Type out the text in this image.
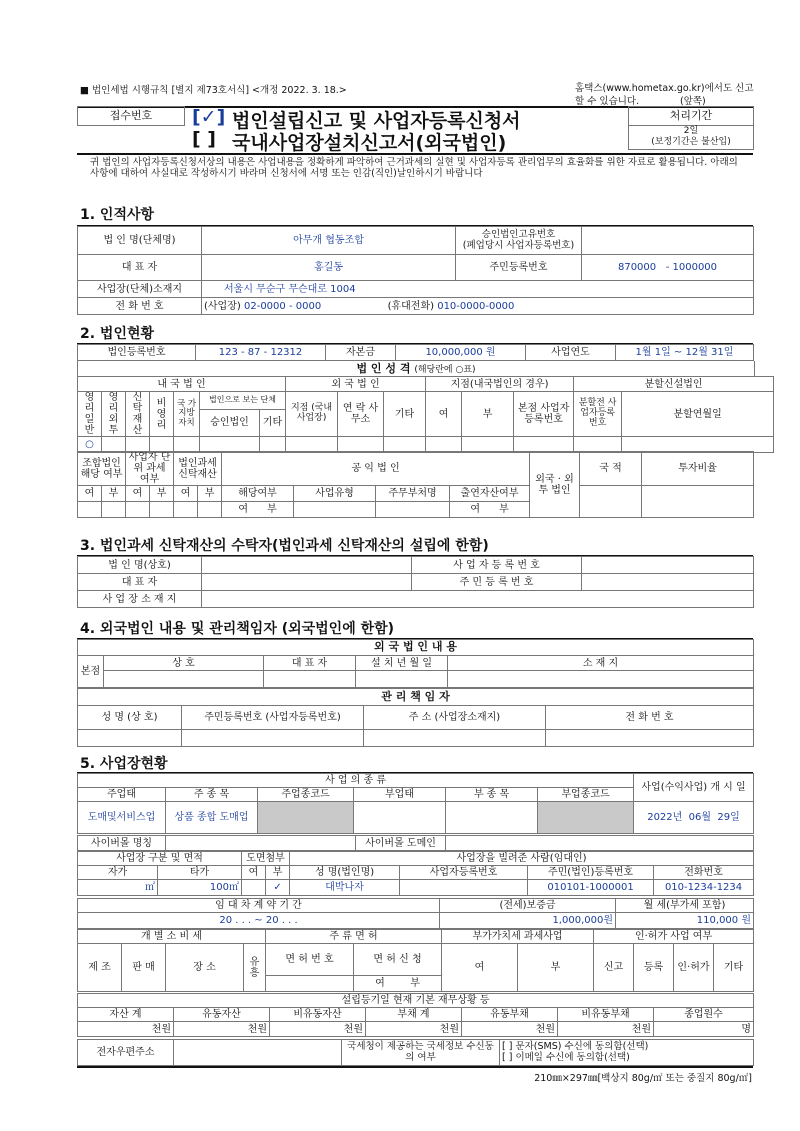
■ 법인세법 시행규칙 [별지 제73호서식] <개정 2022. 3. 18.>	홈택스(www.hometax.go.kr)에서도 신고
할 수 있습니다.	(앞쪽)
접수번호	[✓] 법인설립신고 및 사업자등록신청서
[ ] 국내사업장설치신고서(외국법인)
처리기간
2일
(보정기간은 불산입)
귀 법인의 사업자등록신청서상의 내용은 사업내용을 정확하게 파악하여 근거과세의 실현 및 사업자등록 관리업무의 효율화를 위한 자료로 활용됩니다. 아래의 사항에 대하여 사실대로 작성하시기 바라며 신청서에 서명 또는 인감(직인)날인하시기 바랍니다
1. 인적사항
법 인 명(단체명)	아무개 협동조합	승인법인고유번호
(폐업당시 사업자등록번호)	

대 표 자	홍길동	주민등록번호	870000 - 1000000
사업장(단체)소재지	서울시 무순구 무슨대로 1004		
전 화 번 호	(사업장) 02-0000 - 0000 (휴대전화) 010-0000-0000		
2. 법인현황
법인등록번호	123 - 87 - 12312	자본금	10,000,000 원	사업연도	1월 1일 ~ 12월 31일
법 인 성 격 (해당란에 ○표)
내 국 법 인							외 국 법 인			지점(내국법인의 경우)			분할신설법인	
영리 일반	영리 외투	신탁 재산	비영리	국 가 지방자치	법인으로 보는 단체		지점 (국내사업장)	연 락 사무소	기타	여	부	본점 사업자 등록번호	분할전 사업자등록번호	분할연월일
					승인법인	기타								
○														
조합법인 해당 여부		사업자 단위 과세 여부		법인과세 신탁재산		공 익 법 인				외국 · 외투 법인	국 적	투자비율
여	부	여	부	여	부	해당여부	사업유형	주무부처명	출연자산여부			
						여 부			여 부			
3. 법인과세 신탁재산의 수탁자(법인과세 신탁재산의 설립에 한함)
법 인 명(상호)		사 업 자 등 록 번 호	
대 표 자		주 민 등 록 번 호	
사 업 장 소 재 지			
4. 외국법인 내용 및 관리책임자 (외국법인에 한함)
외 국 법 인 내 용				
본점	상 호	대 표 자	설 치 년 월 일	소 재 지

관 리 책 임 자			
성 명 (상 호)	주민등록번호 (사업자등록번호)	주 소 (사업장소재지)	전 화 번 호

5. 사업장현황
사 업 의 종 류						사업(수익사업) 개 시 일
주업태	주 종 목	주업종코드	부업태	부 종 목	부업종코드	
도매및서비스업	상품 종합 도매업					2022년 06월 29일
사이버몰 명칭		사이버몰 도메인	
사업장 구분 및 면적		도면첨부		사업장을 빌려준 사람(임대인)			
자가	타가	여	부	성 명(법인명)	사업자등록번호	주민(법인)등록번호	전화번호
㎡	100㎡		✓	대박나자		010101-1000001	010-1234-1234
임 대 차 계 약 기 간	(전세)보증금	월 세(부가세 포함)
20 . . . ~ 20 . . .	1,000,000원	110,000 원
개 별 소 비 세				주 류 면 허		부가가치세 과세사업		인·허가 사업 여부			
제 조	판 매	장 소	유 흥	면 허 번 호	면 허 신 청	여	부	신고	등록	인·허가	기타
					여 부						
설립등기일 현재 기본 재무상황 등						
자산 계	유동자산	비유동자산	부채 계	유동부채	비유동부채	종업원수
천원	천원	천원	천원	천원	천원	명
전자우편주소		국세청이 제공하는 국세정보 수신동의 여부	
[ ] 문자(SMS) 수신에 동의함(선택)
[ ] 이메일 수신에 동의함(선택)
210㎜×297㎜[백상지 80g/㎡ 또는 중질지 80g/㎡]
